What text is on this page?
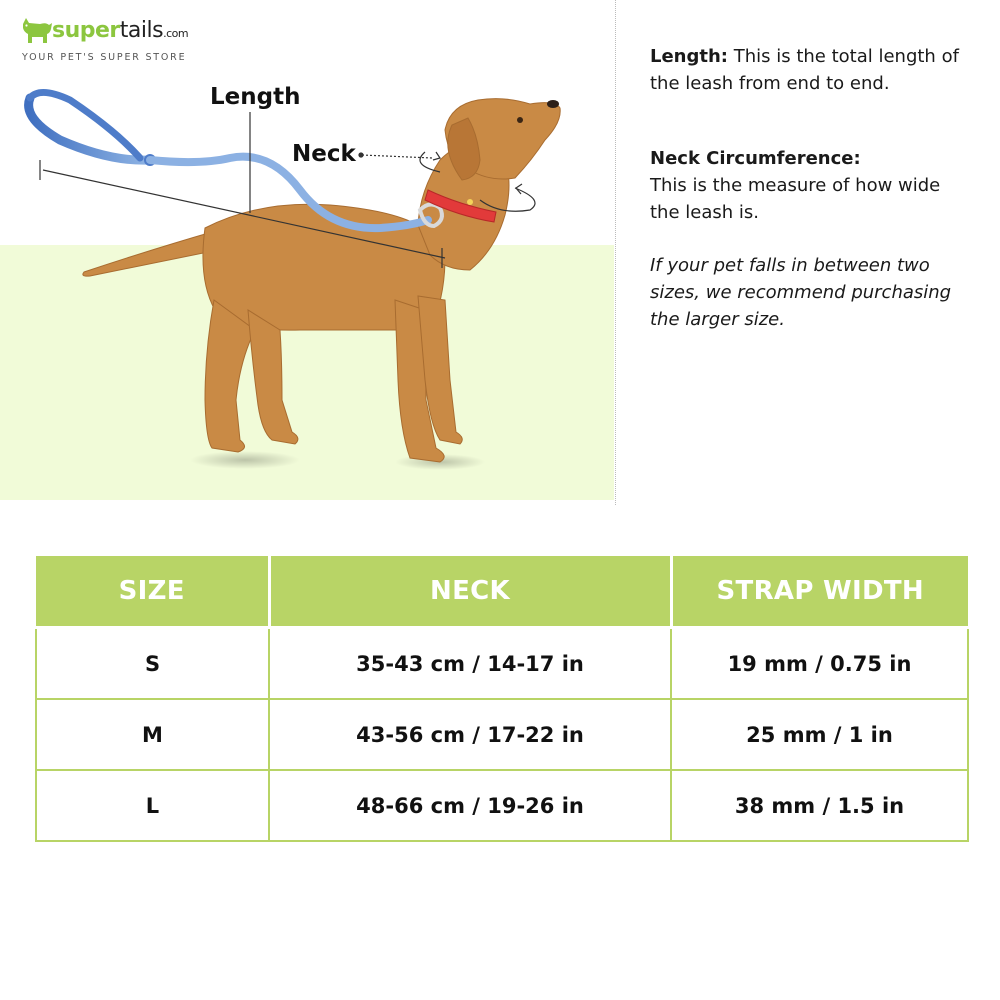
supertails.com
YOUR PET'S SUPER STORE
Length
Neck
Length: This is the total length of the leash from end to end.
Neck Circumference:
This is the measure of how wide the leash is.
If your pet falls in between two sizes, we recommend purchasing the larger size.
SIZE	NECK	STRAP WIDTH
S	35-43 cm / 14-17 in	19 mm / 0.75 in
M	43-56 cm / 17-22 in	25 mm / 1 in
L	48-66 cm / 19-26 in	38 mm / 1.5 in
